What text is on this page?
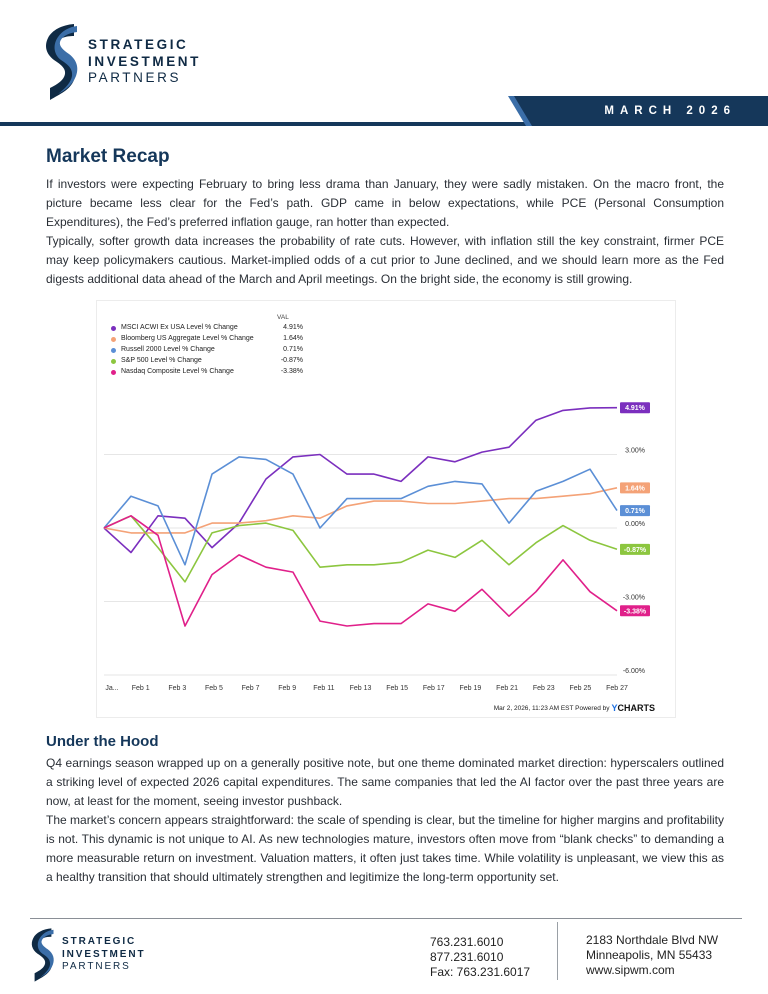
STRATEGIC
INVESTMENT
PARTNERS
MARCH 2026
Market Recap

If investors were expecting February to bring less drama than January, they were sadly mistaken. On the macro front, the picture became less clear for the Fed’s path. GDP came in below expectations, while PCE (Personal Consumption Expenditures), the Fed’s preferred inflation gauge, ran hotter than expected.

Typically, softer growth data increases the probability of rate cuts. However, with inflation still the key constraint, firmer PCE may keep policymakers cautious. Market-implied odds of a cut prior to June declined, and we should learn more as the Fed digests additional data ahead of the March and April meetings. On the bright side, the economy is still growing.

3.00%
0.00%
-3.00%
-6.00%
Ja... Feb 1	Feb 3	Feb 5	Feb 7	Feb 9 Feb 11 Feb 13 Feb 15 Feb 17 Feb 19 Feb 21 Feb 23 Feb 25 Feb 27
4.91%
1.64%
0.71%
-0.87%
-3.38%
VAL
MSCI ACWI Ex USA Level % Change	4.91%
Bloomberg US Aggregate Level % Change	1.64%
Russell 2000 Level % Change	0.71%
S&P 500 Level % Change	-0.87%
Nasdaq Composite Level % Change	-3.38%
Mar 2, 2026, 11:23 AM EST Powered by YCHARTS
Under the Hood

Q4 earnings season wrapped up on a generally positive note, but one theme dominated market direction: hyperscalers outlined a striking level of expected 2026 capital expenditures. The same companies that led the AI factor over the past three years are now, at least for the moment, seeing investor pushback.

The market’s concern appears straightforward: the scale of spending is clear, but the timeline for higher margins and profitability is not. This dynamic is not unique to AI. As new technologies mature, investors often move from “blank checks” to demanding a more measurable return on investment. Valuation matters, it often just takes time. While volatility is unpleasant, we view this as a healthy transition that should ultimately strengthen and legitimize the long-term opportunity set.

STRATEGIC
INVESTMENT
PARTNERS
763.231.6010
877.231.6010
Fax: 763.231.6017
2183 Northdale Blvd NW
Minneapolis, MN 55433
www.sipwm.com
